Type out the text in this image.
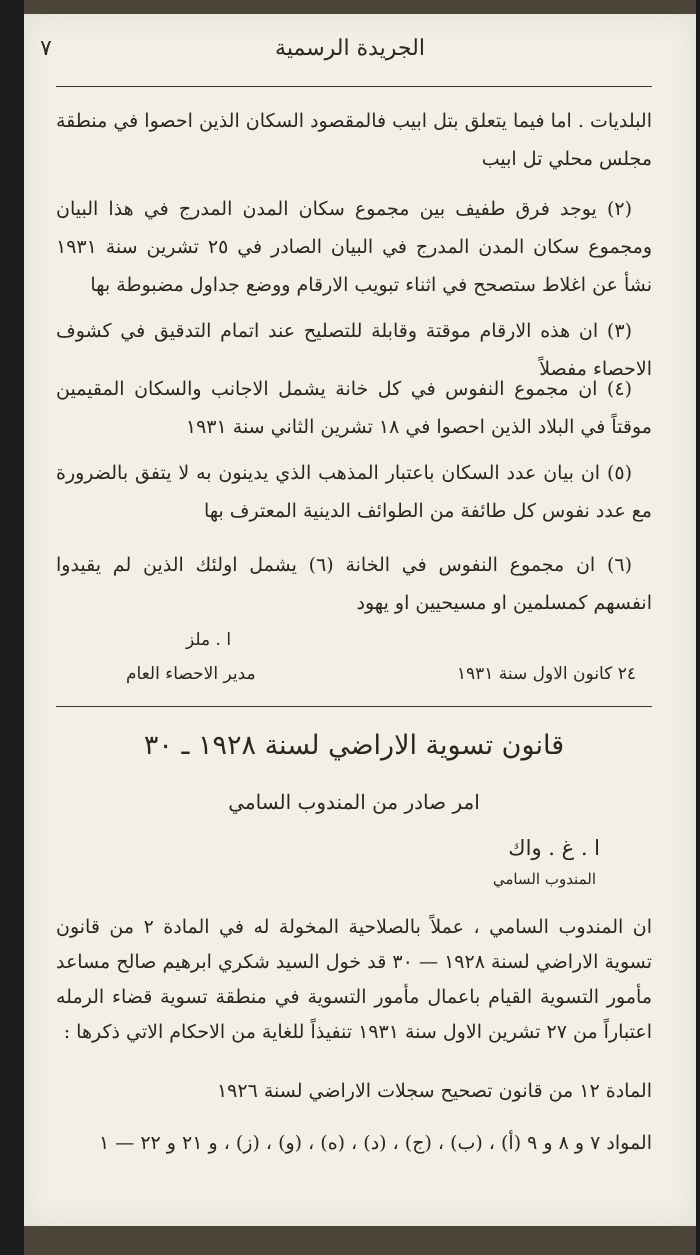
الجريدة الرسمية
٧
البلديات . اما فيما يتعلق بتل ابيب فالمقصود السكان الذين احصوا في منطقة مجلس محلي تل ابيب
(٢) يوجد فرق طفيف بين مجموع سكان المدن المدرج في هذا البيان ومجموع سكان المدن المدرج في البيان الصادر في ٢٥ تشرين سنة ١٩٣١ نشأ عن اغلاط ستصحح في اثناء تبويب الارقام ووضع جداول مضبوطة بها
(٣) ان هذه الارقام موقتة وقابلة للتصليح عند اتمام التدقيق في كشوف الاحصاء مفصلاً
(٤) ان مجموع النفوس في كل خانة يشمل الاجانب والسكان المقيمين موقتاً في البلاد الذين احصوا في ١٨ تشرين الثاني سنة ١٩٣١
(٥) ان بيان عدد السكان باعتبار المذهب الذي يدينون به لا يتفق بالضرورة مع عدد نفوس كل طائفة من الطوائف الدينية المعترف بها
(٦) ان مجموع النفوس في الخانة (٦) يشمل اولئك الذين لم يقيدوا انفسهم كمسلمين او مسيحيين او يهود
ا . ملز
مدير الاحصاء العام	٢٤ كانون الاول سنة ١٩٣١
قانون تسوية الاراضي لسنة ١٩٢٨ ـ ٣٠
امر صادر من المندوب السامي
ا . غ . واك
المندوب السامي
ان المندوب السامي ، عملاً بالصلاحية المخولة له في المادة ٢ من قانون تسوية الاراضي لسنة ١٩٢٨ — ٣٠ قد خول السيد شكري ابرهيم صالح مساعد مأمور التسوية القيام باعمال مأمور التسوية في منطقة تسوية قضاء الرمله اعتباراً من ٢٧ تشرين الاول سنة ١٩٣١ تنفيذاً للغاية من الاحكام الاتي ذكرها :
المادة ١٢ من قانون تصحيح سجلات الاراضي لسنة ١٩٢٦
المواد ٧ و ٨ و ٩ (أ) ، (ب) ، (ج) ، (د) ، (ه) ، (و) ، (ز) ، و ٢١ و ٢٢ — ١
